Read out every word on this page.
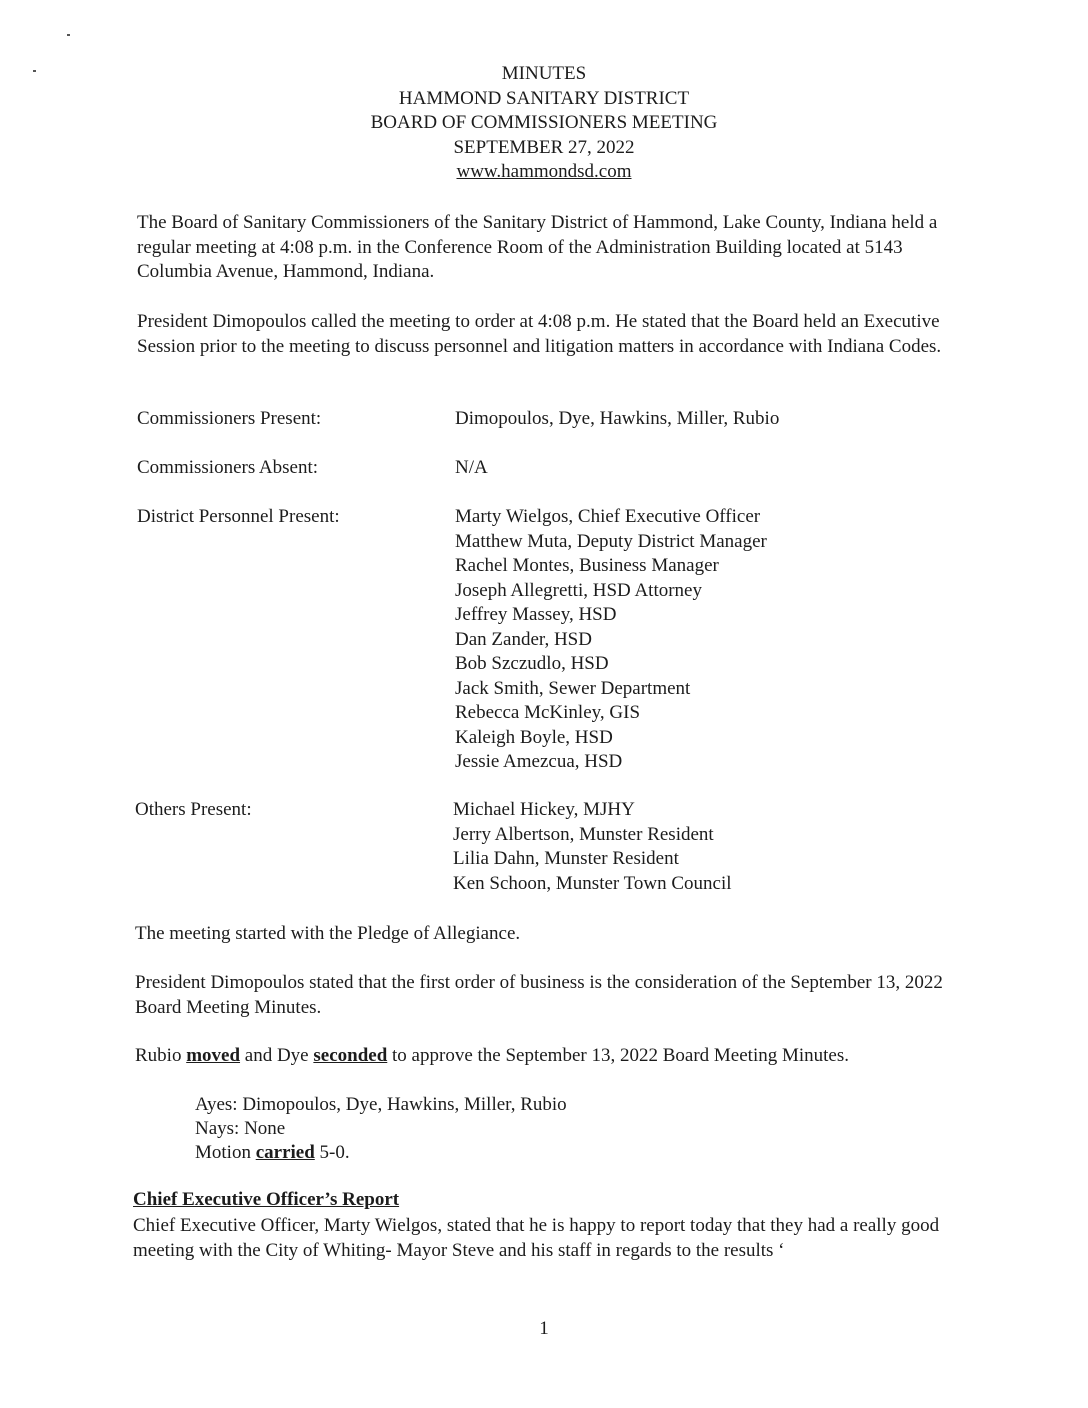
MINUTES
HAMMOND SANITARY DISTRICT
BOARD OF COMMISSIONERS MEETING
SEPTEMBER 27, 2022
www.hammondsd.com
The Board of Sanitary Commissioners of the Sanitary District of Hammond, Lake County, Indiana held a regular meeting at 4:08 p.m. in the Conference Room of the Administration Building located at 5143 Columbia Avenue, Hammond, Indiana.
President Dimopoulos called the meeting to order at 4:08 p.m. He stated that the Board held an Executive Session prior to the meeting to discuss personnel and litigation matters in accordance with Indiana Codes.
Commissioners Present:	Dimopoulos, Dye, Hawkins, Miller, Rubio
Commissioners Absent:	N/A
District Personnel Present:	Marty Wielgos, Chief Executive Officer
Matthew Muta, Deputy District Manager
Rachel Montes, Business Manager
Joseph Allegretti, HSD Attorney
Jeffrey Massey, HSD
Dan Zander, HSD
Bob Szczudlo, HSD
Jack Smith, Sewer Department
Rebecca McKinley, GIS
Kaleigh Boyle, HSD
Jessie Amezcua, HSD
Others Present:	Michael Hickey, MJHY
Jerry Albertson, Munster Resident
Lilia Dahn, Munster Resident
Ken Schoon, Munster Town Council
The meeting started with the Pledge of Allegiance.
President Dimopoulos stated that the first order of business is the consideration of the September 13, 2022 Board Meeting Minutes.
Rubio moved and Dye seconded to approve the September 13, 2022 Board Meeting Minutes.
Ayes: Dimopoulos, Dye, Hawkins, Miller, Rubio
Nays: None
Motion carried 5-0.
Chief Executive Officer’s Report
Chief Executive Officer, Marty Wielgos, stated that he is happy to report today that they had a really good meeting with the City of Whiting- Mayor Steve and his staff in regards to the results ‘
1
